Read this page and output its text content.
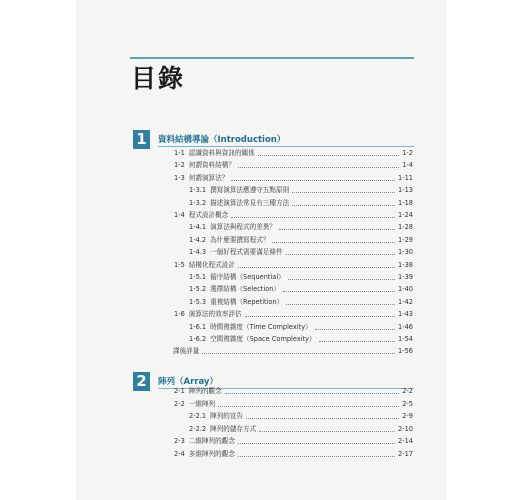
目錄
1	資料結構導論（Introduction）
1-1 認識資料與資訊的關係	1-2
1-2 何謂資料結構？	1-4
1-3 何謂演算法？	1-11
1-3.1 撰寫演算法應遵守五點原則	1-13
1-3.2 描述演算法常見有三種方法	1-18
1-4 程式設計概念	1-24
1-4.1 演算法與程式的差異？	1-28
1-4.2 為什麼要撰寫程式？	1-29
1-4.3 一個好程式需要滿足條件	1-30
1-5 結構化程式設計	1-38
1-5.1 循序結構（Sequential）	1-39
1-5.2 選擇結構（Selection）	1-40
1-5.3 重複結構（Repetition）	1-42
1-6 演算法的效率評估	1-43
1-6.1 時間複雜度（Time Complexity）	1-46
1-6.2 空間複雜度（Space Complexity）	1-54
課後評量	1-56
2	陣列（Array）
2-1 陣列的觀念	2-2
2-2 一維陣列	2-5
2-2.1 陣列的宣告	2-9
2-2.2 陣列的儲存方式	2-10
2-3 二維陣列的觀念	2-14
2-4 多維陣列的觀念	2-17
